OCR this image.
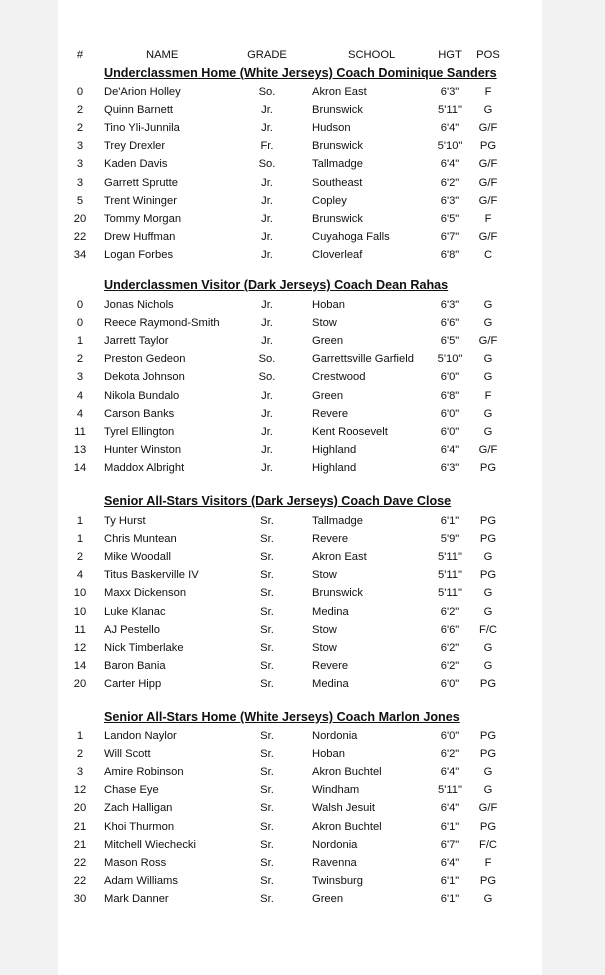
#	NAME	GRADE	SCHOOL	HGT	POS
Underclassmen Home (White Jerseys) Coach Dominique Sanders
0	De'Arion Holley	So.	Akron East	6'3"	F
2	Quinn Barnett	Jr.	Brunswick	5'11"	G
2	Tino Yli-Junnila	Jr.	Hudson	6'4"	G/F
3	Trey Drexler	Fr.	Brunswick	5'10"	PG
3	Kaden Davis	So.	Tallmadge	6'4"	G/F
3	Garrett Sprutte	Jr.	Southeast	6'2"	G/F
5	Trent Wininger	Jr.	Copley	6'3"	G/F
20	Tommy Morgan	Jr.	Brunswick	6'5"	F
22	Drew Huffman	Jr.	Cuyahoga Falls	6'7"	G/F
34	Logan Forbes	Jr.	Cloverleaf	6'8"	C
Underclassmen Visitor (Dark Jerseys) Coach Dean Rahas
0	Jonas Nichols	Jr.	Hoban	6'3"	G
0	Reece Raymond-Smith	Jr.	Stow	6'6"	G
1	Jarrett Taylor	Jr.	Green	6'5"	G/F
2	Preston Gedeon	So.	Garrettsville Garfield	5'10"	G
3	Dekota Johnson	So.	Crestwood	6'0"	G
4	Nikola Bundalo	Jr.	Green	6'8"	F
4	Carson Banks	Jr.	Revere	6'0"	G
11	Tyrel Ellington	Jr.	Kent Roosevelt	6'0"	G
13	Hunter Winston	Jr.	Highland	6'4"	G/F
14	Maddox Albright	Jr.	Highland	6'3"	PG
Senior All-Stars Visitors (Dark Jerseys) Coach Dave Close
1	Ty Hurst	Sr.	Tallmadge	6'1"	PG
1	Chris Muntean	Sr.	Revere	5'9"	PG
2	Mike Woodall	Sr.	Akron East	5'11"	G
4	Titus Baskerville IV	Sr.	Stow	5'11"	PG
10	Maxx Dickenson	Sr.	Brunswick	5'11"	G
10	Luke Klanac	Sr.	Medina	6'2"	G
11	AJ Pestello	Sr.	Stow	6'6"	F/C
12	Nick Timberlake	Sr.	Stow	6'2"	G
14	Baron Bania	Sr.	Revere	6'2"	G
20	Carter Hipp	Sr.	Medina	6'0"	PG
Senior All-Stars Home (White Jerseys) Coach Marlon Jones
1	Landon Naylor	Sr.	Nordonia	6'0"	PG
2	Will Scott	Sr.	Hoban	6'2"	PG
3	Amire Robinson	Sr.	Akron Buchtel	6'4"	G
12	Chase Eye	Sr.	Windham	5'11"	G
20	Zach Halligan	Sr.	Walsh Jesuit	6'4"	G/F
21	Khoi Thurmon	Sr.	Akron Buchtel	6'1"	PG
21	Mitchell Wiechecki	Sr.	Nordonia	6'7"	F/C
22	Mason Ross	Sr.	Ravenna	6'4"	F
22	Adam Williams	Sr.	Twinsburg	6'1"	PG
30	Mark Danner	Sr.	Green	6'1"	G
